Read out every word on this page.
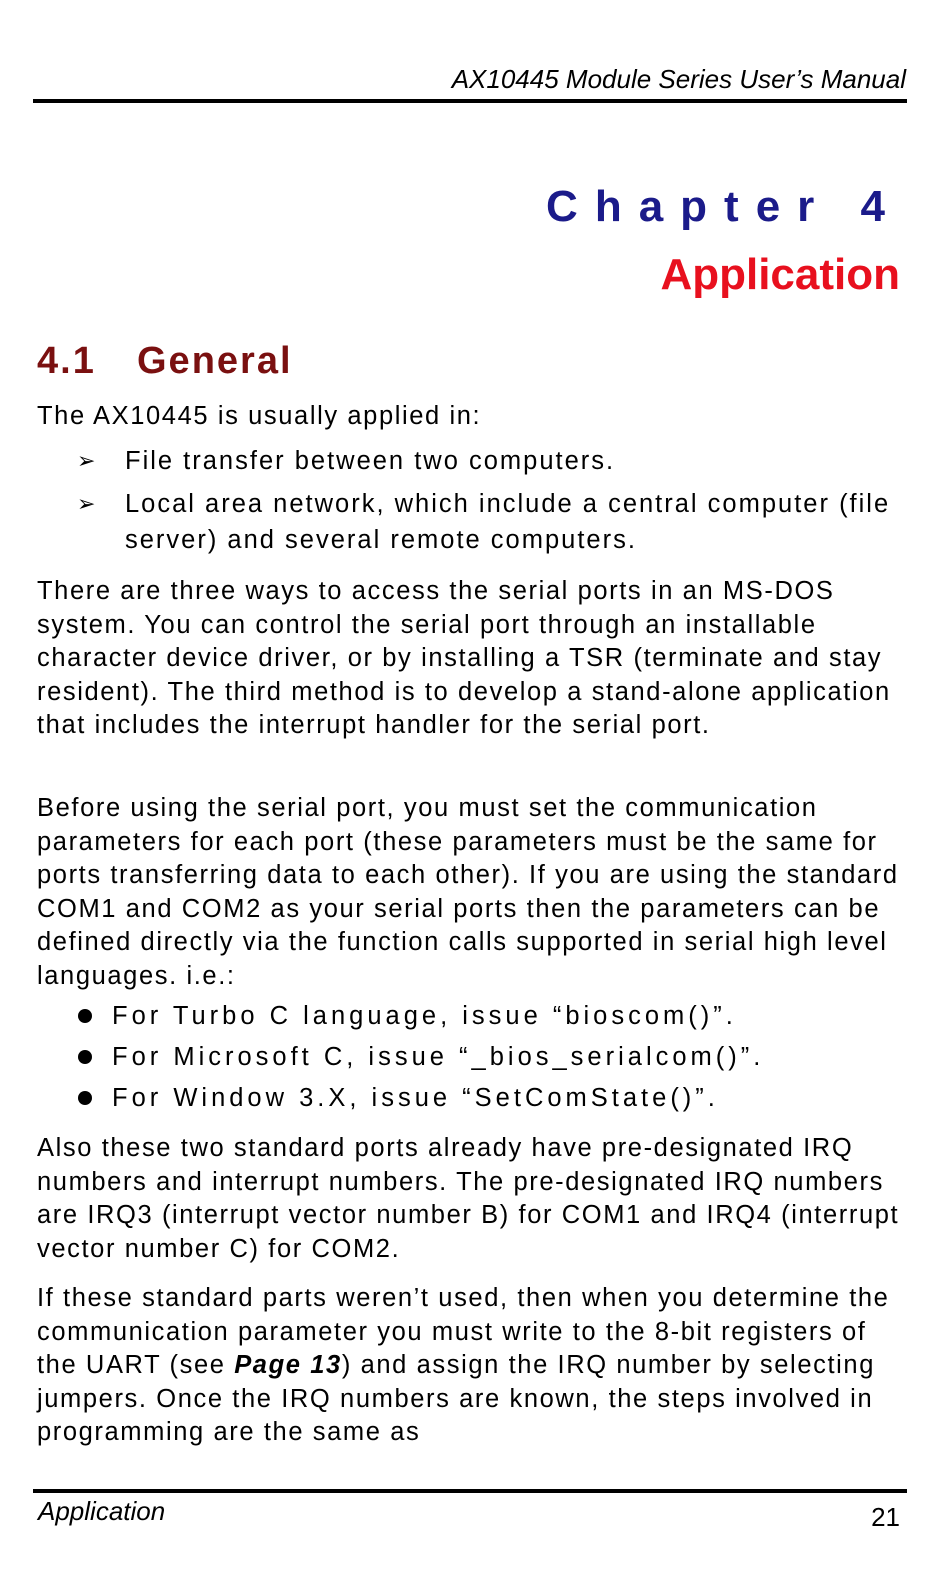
AX10445 Module Series User’s Manual
Chapter 4
Application
4.1 General

The AX10445 is usually applied in:

➢ File transfer between two computers.
➢ Local area network, which include a central computer (file server) and several remote computers.

There are three ways to access the serial ports in an MS-DOS system. You can control the serial port through an installable character device driver, or by installing a TSR (terminate and stay resident). The third method is to develop a stand-alone application that includes the interrupt handler for the serial port.

Before using the serial port, you must set the communication parameters for each port (these parameters must be the same for ports transferring data to each other). If you are using the standard COM1 and COM2 as your serial ports then the parameters can be defined directly via the function calls supported in serial high level languages. i.e.:

For Turbo C language, issue “bioscom()”.
For Microsoft C, issue “_bios_serialcom()”.
For Window 3.X, issue “SetComState()”.

Also these two standard ports already have pre-designated IRQ numbers and interrupt numbers. The pre-designated IRQ numbers are IRQ3 (interrupt vector number B) for COM1 and IRQ4 (interrupt vector number C) for COM2.

If these standard parts weren’t used, then when you determine the communication parameter you must write to the 8-bit registers of the UART (see Page 13) and assign the IRQ number by selecting jumpers. Once the IRQ numbers are known, the steps involved in programming are the same as

Application	21
